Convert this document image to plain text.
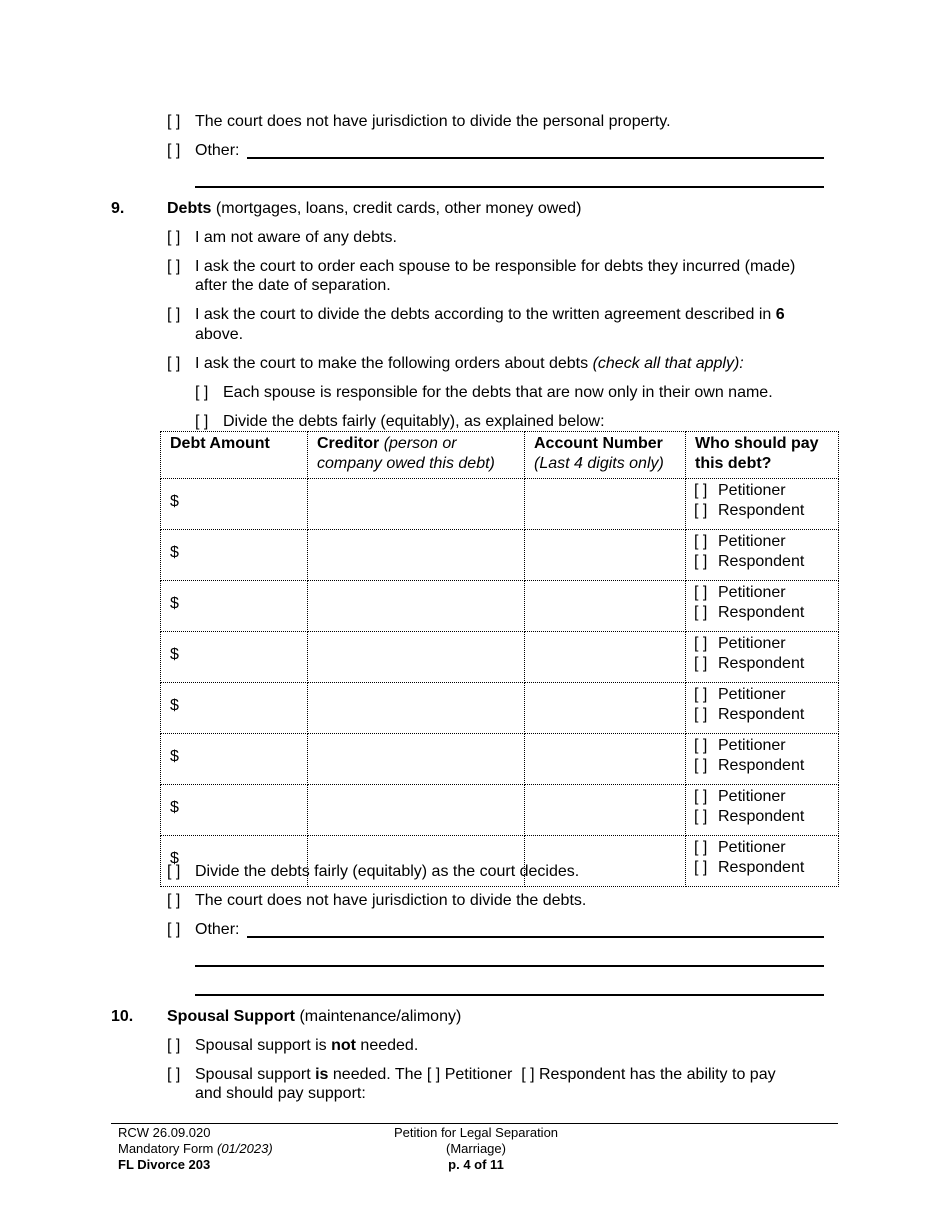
[ ] The court does not have jurisdiction to divide the personal property.
[ ] Other:
9.	Debts (mortgages, loans, credit cards, other money owed)
[ ] I am not aware of any debts.
[ ] I ask the court to order each spouse to be responsible for debts they incurred (made)
after the date of separation.
[ ] I ask the court to divide the debts according to the written agreement described in 6
above.
[ ] I ask the court to make the following orders about debts (check all that apply):
[ ] Each spouse is responsible for the debts that are now only in their own name.
[ ] Divide the debts fairly (equitably), as explained below:
Debt Amount	Creditor (person or company owed this debt)	Account Number
(Last 4 digits only)	Who should pay this debt?
$			[ ] Petitioner
[ ] Respondent

$			[ ] Petitioner
[ ] Respondent

$			[ ] Petitioner
[ ] Respondent

$			[ ] Petitioner
[ ] Respondent

$			[ ] Petitioner
[ ] Respondent

$			[ ] Petitioner
[ ] Respondent

$			[ ] Petitioner
[ ] Respondent

$			[ ] Petitioner
[ ] Respondent
[ ] Divide the debts fairly (equitably) as the court decides.
[ ] The court does not have jurisdiction to divide the debts.
[ ] Other:
10. Spousal Support (maintenance/alimony)
[ ] Spousal support is not needed.
[ ] Spousal support is needed. The [ ] Petitioner [ ] Respondent has the ability to pay
and should pay support:
RCW 26.09.020
Mandatory Form (01/2023)
FL Divorce 203
Petition for Legal Separation
(Marriage)
p. 4 of 11
